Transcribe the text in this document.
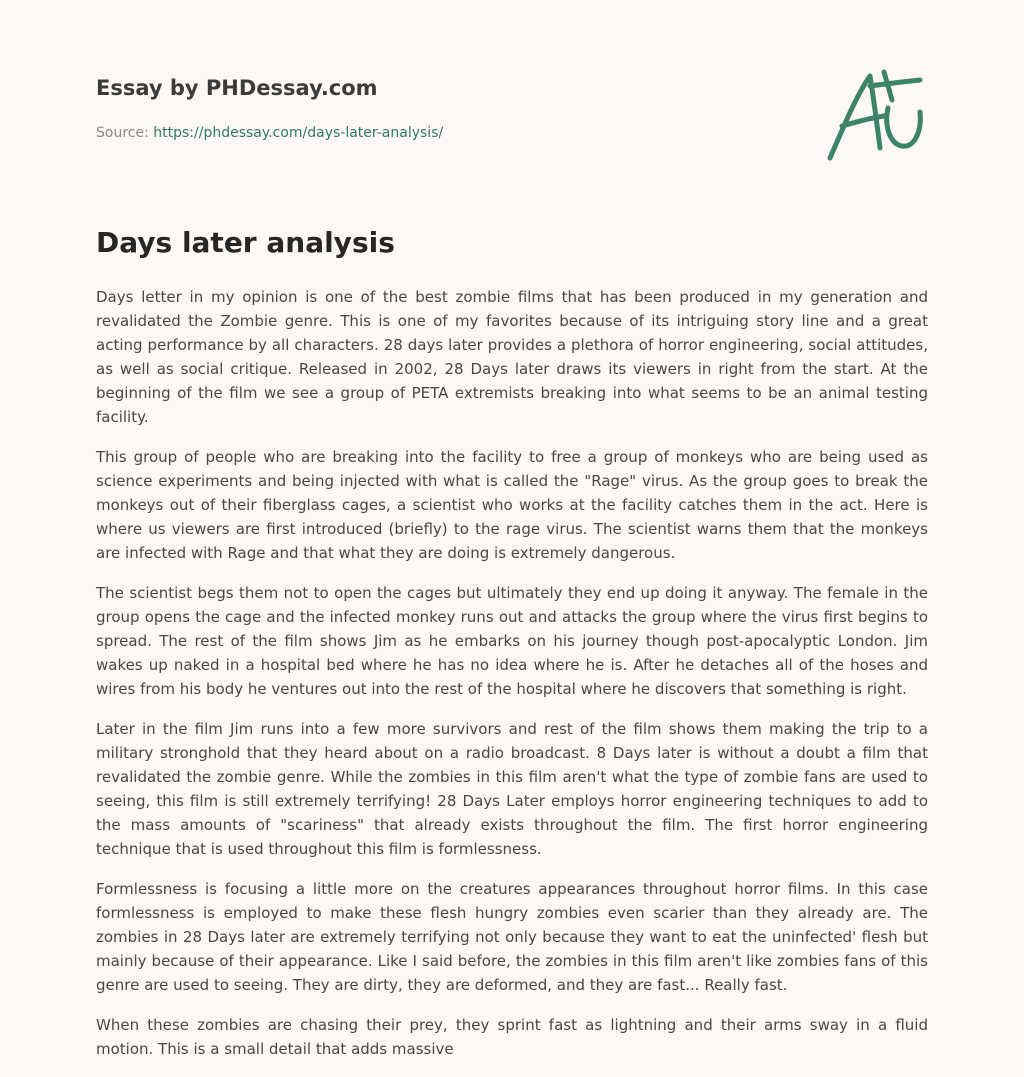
Essay by PHDessay.com
Source: https://phdessay.com/days-later-analysis/
Days later analysis

Days letter in my opinion is one of the best zombie films that has been produced in my generation and revalidated the Zombie genre. This is one of my favorites because of its intriguing story line and a great acting performance by all characters. 28 days later provides a plethora of horror engineering, social attitudes, as well as social critique. Released in 2002, 28 Days later draws its viewers in right from the start. At the beginning of the film we see a group of PETA extremists breaking into what seems to be an animal testing facility.

This group of people who are breaking into the facility to free a group of monkeys who are being used as science experiments and being injected with what is called the "Rage" virus. As the group goes to break the monkeys out of their fiberglass cages, a scientist who works at the facility catches them in the act. Here is where us viewers are first introduced (briefly) to the rage virus. The scientist warns them that the monkeys are infected with Rage and that what they are doing is extremely dangerous.

The scientist begs them not to open the cages but ultimately they end up doing it anyway. The female in the group opens the cage and the infected monkey runs out and attacks the group where the virus first begins to spread. The rest of the film shows Jim as he embarks on his journey though post-apocalyptic London. Jim wakes up naked in a hospital bed where he has no idea where he is. After he detaches all of the hoses and wires from his body he ventures out into the rest of the hospital where he discovers that something is right.

Later in the film Jim runs into a few more survivors and rest of the film shows them making the trip to a military stronghold that they heard about on a radio broadcast. 8 Days later is without a doubt a film that revalidated the zombie genre. While the zombies in this film aren't what the type of zombie fans are used to seeing, this film is still extremely terrifying! 28 Days Later employs horror engineering techniques to add to the mass amounts of "scariness" that already exists throughout the film. The first horror engineering technique that is used throughout this film is formlessness.

Formlessness is focusing a little more on the creatures appearances throughout horror films. In this case formlessness is employed to make these flesh hungry zombies even scarier than they already are. The zombies in 28 Days later are extremely terrifying not only because they want to eat the uninfected' flesh but mainly because of their appearance. Like I said before, the zombies in this film aren't like zombies fans of this genre are used to seeing. They are dirty, they are deformed, and they are fast... Really fast.

When these zombies are chasing their prey, they sprint fast as lightning and their arms sway in a fluid motion. This is a small detail that adds massive
